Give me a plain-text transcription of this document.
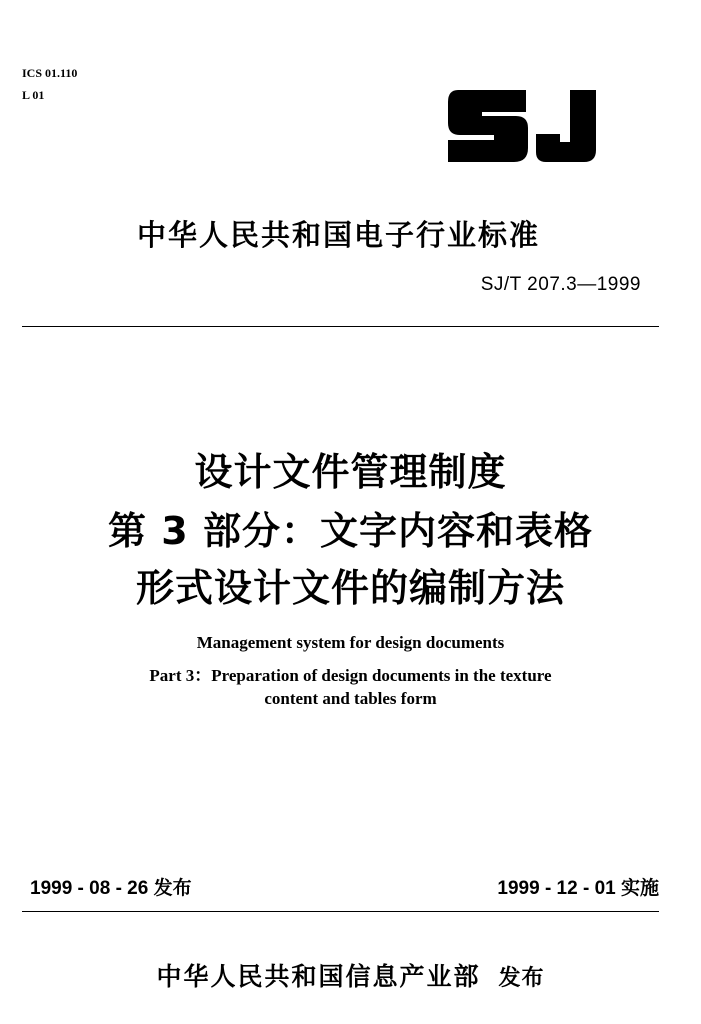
ICS 01.110
L 01
中华人民共和国电子行业标准
SJ/T 207.3—1999
设计文件管理制度
第 3 部分：文字内容和表格
形式设计文件的编制方法
Management system for design documents
Part 3：Preparation of design documents in the texture
content and tables form
1999 - 08 - 26 发布	1999 - 12 - 01 实施
中华人民共和国信息产业部 发布
